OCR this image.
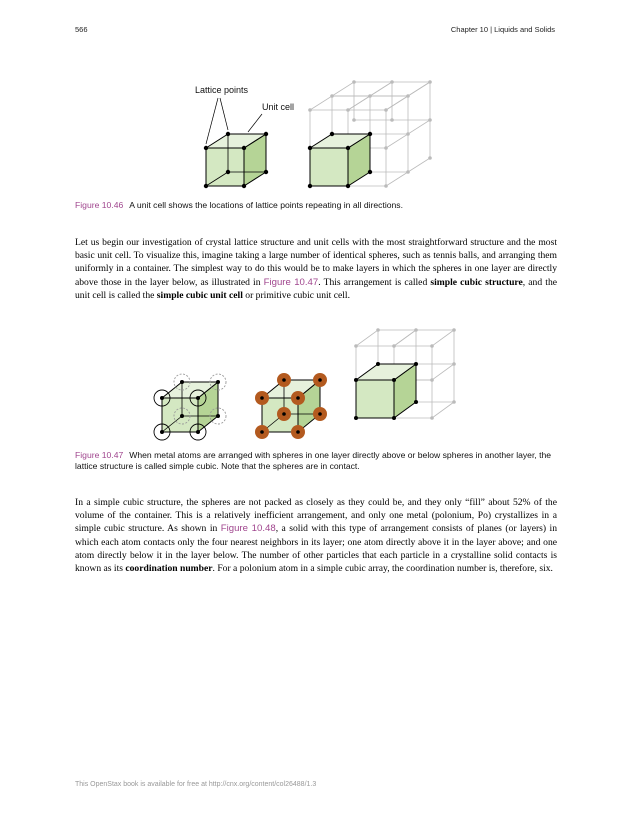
566	Chapter 10 | Liquids and Solids
Lattice points
Unit cell
Figure 10.46 A unit cell shows the locations of lattice points repeating in all directions.

Let us begin our investigation of crystal lattice structure and unit cells with the most straightforward structure and the most basic unit cell. To visualize this, imagine taking a large number of identical spheres, such as tennis balls, and arranging them uniformly in a container. The simplest way to do this would be to make layers in which the spheres in one layer are directly above those in the layer below, as illustrated in Figure 10.47. This arrangement is called simple cubic structure, and the unit cell is called the simple cubic unit cell or primitive cubic unit cell.

Figure 10.47 When metal atoms are arranged with spheres in one layer directly above or below spheres in another layer, the lattice structure is called simple cubic. Note that the spheres are in contact.

In a simple cubic structure, the spheres are not packed as closely as they could be, and they only “fill” about 52% of the volume of the container. This is a relatively inefficient arrangement, and only one metal (polonium, Po) crystallizes in a simple cubic structure. As shown in Figure 10.48, a solid with this type of arrangement consists of planes (or layers) in which each atom contacts only the four nearest neighbors in its layer; one atom directly above it in the layer above; and one atom directly below it in the layer below. The number of other particles that each particle in a crystalline solid contacts is known as its coordination number. For a polonium atom in a simple cubic array, the coordination number is, therefore, six.

This OpenStax book is available for free at http://cnx.org/content/col26488/1.3
